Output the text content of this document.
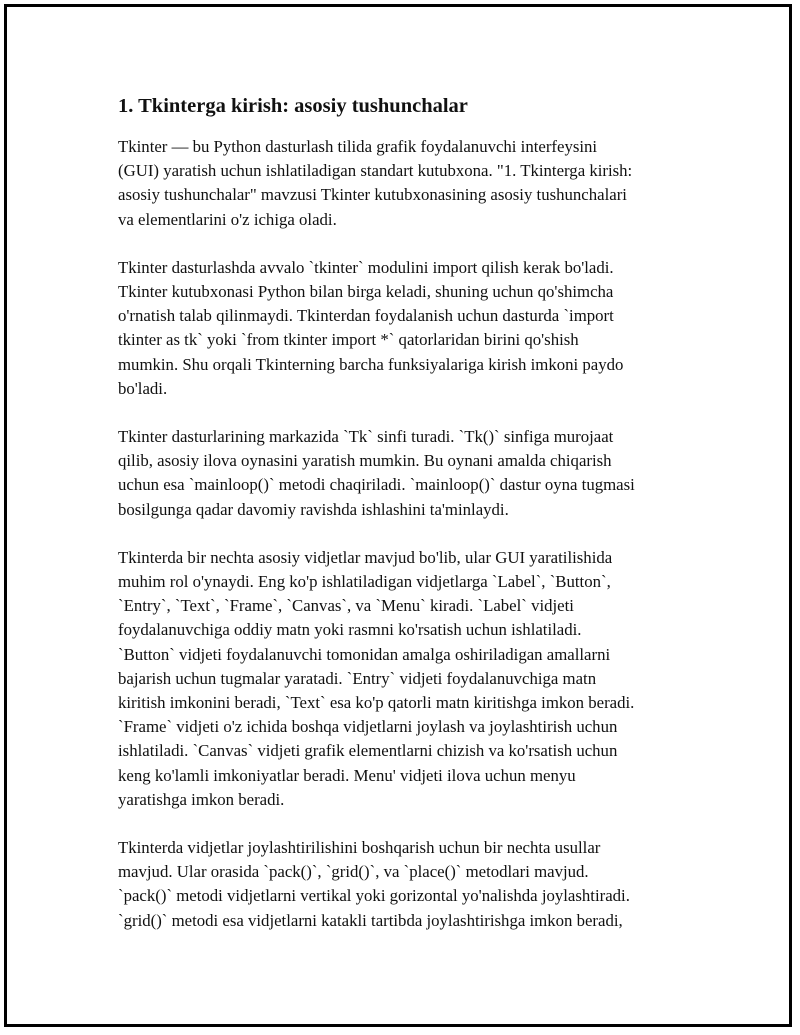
1. Tkinterga kirish: asosiy tushunchalar

Tkinter — bu Python dasturlash tilida grafik foydalanuvchi interfeysini
(GUI) yaratish uchun ishlatiladigan standart kutubxona. "1. Tkinterga kirish:
asosiy tushunchalar" mavzusi Tkinter kutubxonasining asosiy tushunchalari
va elementlarini o'z ichiga oladi.

Tkinter dasturlashda avvalo `tkinter` modulini import qilish kerak bo'ladi.
Tkinter kutubxonasi Python bilan birga keladi, shuning uchun qo'shimcha
o'rnatish talab qilinmaydi. Tkinterdan foydalanish uchun dasturda `import
tkinter as tk` yoki `from tkinter import *` qatorlaridan birini qo'shish
mumkin. Shu orqali Tkinterning barcha funksiyalariga kirish imkoni paydo
bo'ladi.

Tkinter dasturlarining markazida `Tk` sinfi turadi. `Tk()` sinfiga murojaat
qilib, asosiy ilova oynasini yaratish mumkin. Bu oynani amalda chiqarish
uchun esa `mainloop()` metodi chaqiriladi. `mainloop()` dastur oyna tugmasi
bosilgunga qadar davomiy ravishda ishlashini ta'minlaydi.

Tkinterda bir nechta asosiy vidjetlar mavjud bo'lib, ular GUI yaratilishida
muhim rol o'ynaydi. Eng ko'p ishlatiladigan vidjetlarga `Label`, `Button`,
`Entry`, `Text`, `Frame`, `Canvas`, va `Menu` kiradi. `Label` vidjeti
foydalanuvchiga oddiy matn yoki rasmni ko'rsatish uchun ishlatiladi.
`Button` vidjeti foydalanuvchi tomonidan amalga oshiriladigan amallarni
bajarish uchun tugmalar yaratadi. `Entry` vidjeti foydalanuvchiga matn
kiritish imkonini beradi, `Text` esa ko'p qatorli matn kiritishga imkon beradi.
`Frame` vidjeti o'z ichida boshqa vidjetlarni joylash va joylashtirish uchun
ishlatiladi. `Canvas` vidjeti grafik elementlarni chizish va ko'rsatish uchun
keng ko'lamli imkoniyatlar beradi. Menu' vidjeti ilova uchun menyu
yaratishga imkon beradi.

Tkinterda vidjetlar joylashtirilishini boshqarish uchun bir nechta usullar
mavjud. Ular orasida `pack()`, `grid()`, va `place()` metodlari mavjud.
`pack()` metodi vidjetlarni vertikal yoki gorizontal yo'nalishda joylashtiradi.
`grid()` metodi esa vidjetlarni katakli tartibda joylashtirishga imkon beradi,
